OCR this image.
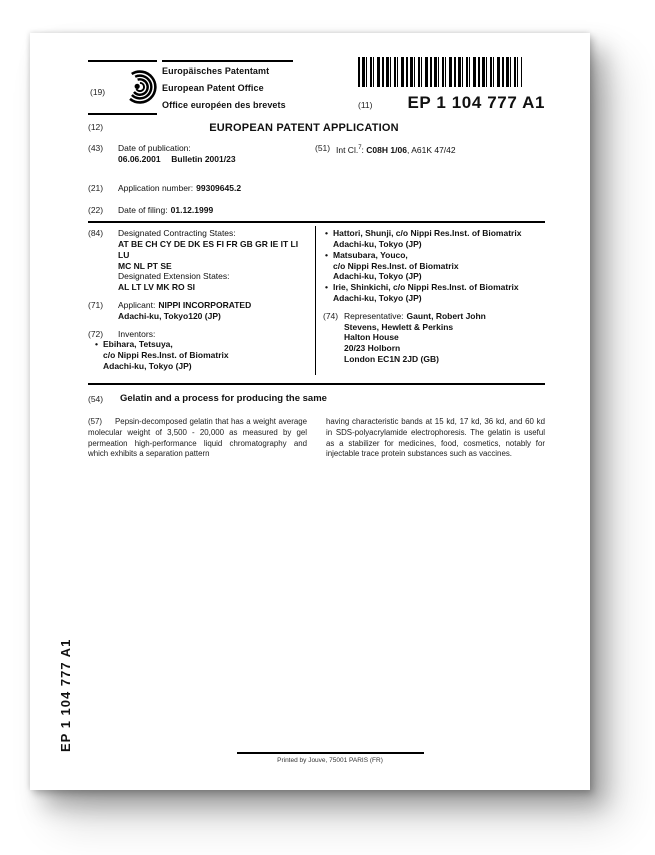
EP 1 104 777 A1
(19)
Europäisches Patentamt
European Patent Office
Office européen des brevets	(11) EP 1 104 777 A1
(12)	EUROPEAN PATENT APPLICATION
(43)	Date of publication:
06.06.2001 Bulletin 2001/23
(51) Int Cl.$^7$: C08H 1/06, A61K 47/42
(21)	Application number: 99309645.2
(22)	Date of filing: 01.12.1999
(84)	Designated Contracting States:
AT BE CH CY DE DK ES FI FR GB GR IE IT LI LU
MC NL PT SE
Designated Extension States:
AL LT LV MK RO SI
(71)	Applicant: NIPPI INCORPORATED
Adachi-ku, Tokyo120 (JP)
(72)	Inventors:
• Ebihara, Tetsuya,
c/o Nippi Res.Inst. of Biomatrix
Adachi-ku, Tokyo (JP)
• Hattori, Shunji, c/o Nippi Res.Inst. of Biomatrix
Adachi-ku, Tokyo (JP)
• Matsubara, Youco,
c/o Nippi Res.Inst. of Biomatrix
Adachi-ku, Tokyo (JP)
• Irie, Shinkichi, c/o Nippi Res.Inst. of Biomatrix
Adachi-ku, Tokyo (JP)
(74) Representative: Gaunt, Robert John
Stevens, Hewlett & Perkins
Halton House
20/23 Holborn
London EC1N 2JD (GB)
(54)	Gelatin and a process for producing the same
(57) Pepsin-decomposed gelatin that has a weight average molecular weight of 3,500 - 20,000 as measured by gel permeation high-performance liquid chromatography and which exhibits a separation pattern
having characteristic bands at 15 kd, 17 kd, 36 kd, and 60 kd in SDS-polyacrylamide electrophoresis. The gelatin is useful as a stabilizer for medicines, food, cosmetics, notably for injectable trace protein substances such as vaccines.
Printed by Jouve, 75001 PARIS (FR)
